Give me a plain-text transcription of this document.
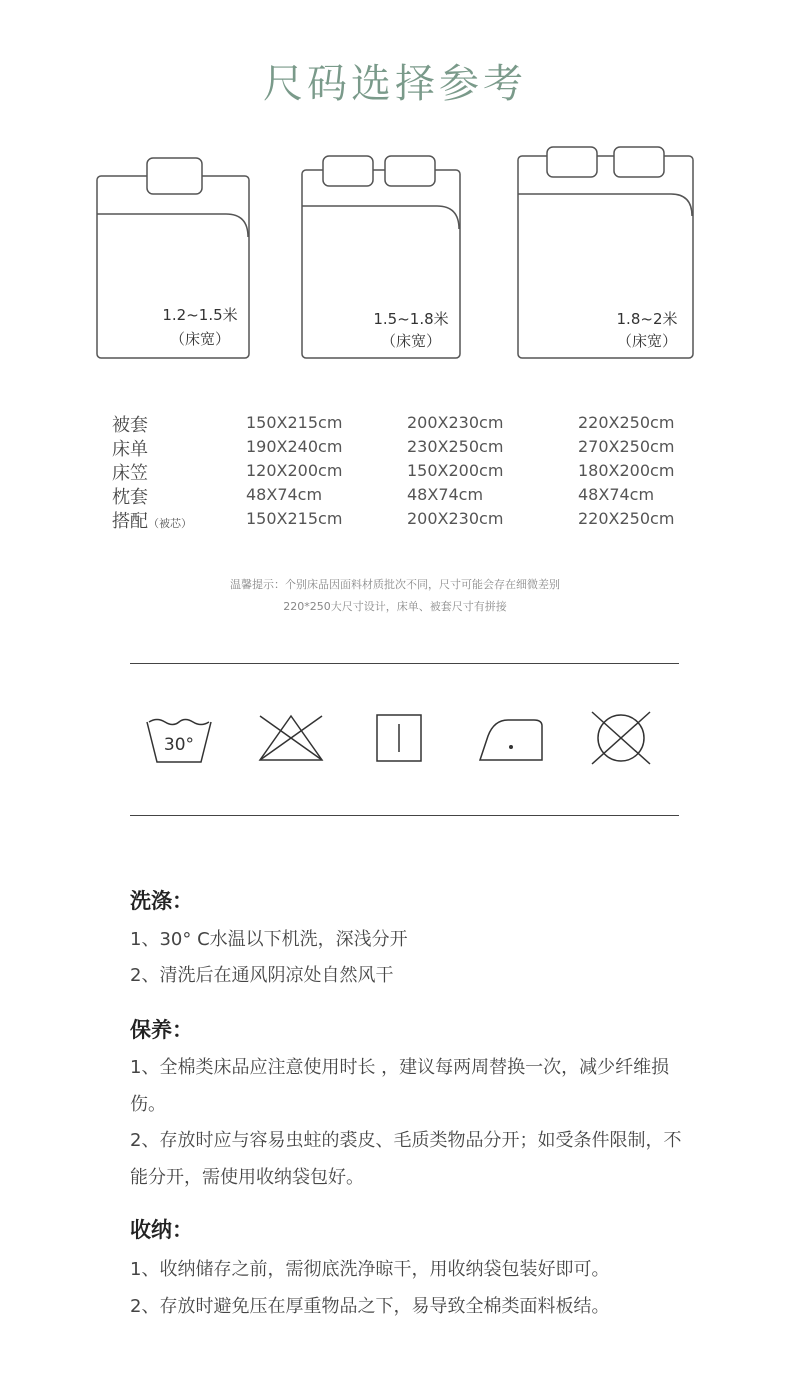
尺码选择参考
1.2~1.5米
（床宽）
1.5~1.8米
（床宽）
1.8~2米
（床宽）
被套	150X215cm	200X230cm	220X250cm
床单	190X240cm	230X250cm	270X250cm
床笠	120X200cm	150X200cm	180X200cm
枕套	48X74cm	48X74cm	48X74cm
搭配（被芯）	150X215cm	200X230cm	220X250cm
温馨提示：个别床品因面料材质批次不同，尺寸可能会存在细微差别
220*250大尺寸设计，床单、被套尺寸有拼接
30°
洗涤：
1、30° C水温以下机洗，深浅分开
2、清洗后在通风阴凉处自然风干
保养：
1、全棉类床品应注意使用时长 ，建议每两周替换一次，减少纤维损伤。
2、存放时应与容易虫蛀的裘皮、毛质类物品分开；如受条件限制，不能分开，需使用收纳袋包好。
收纳：
1、收纳储存之前，需彻底洗净晾干，用收纳袋包装好即可。
2、存放时避免压在厚重物品之下，易导致全棉类面料板结。
